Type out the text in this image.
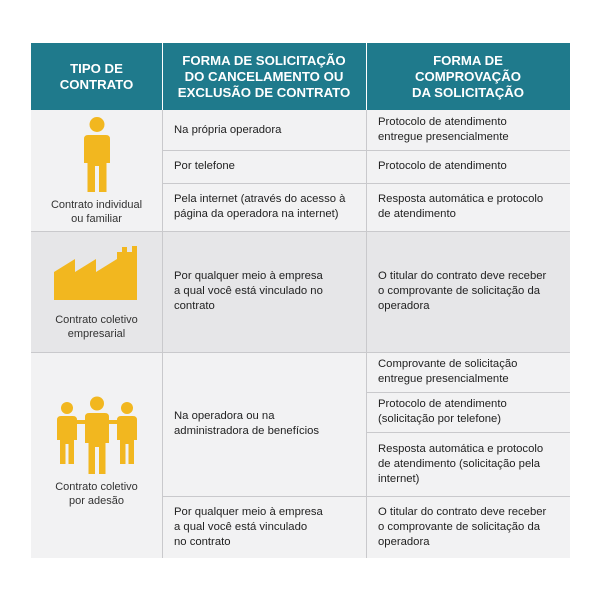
TIPO DE
CONTRATO
FORMA DE SOLICITAÇÃO
DO CANCELAMENTO OU
EXCLUSÃO DE CONTRATO
FORMA DE
COMPROVAÇÃO
DA SOLICITAÇÃO
Contrato individual
ou familiar
Na própria operadora
Protocolo de atendimento
entregue presencialmente
Por telefone	Protocolo de atendimento
Pela internet (através do acesso à
página da operadora na internet)
Resposta automática e protocolo
de atendimento
Contrato coletivo
empresarial
Por qualquer meio à empresa
a qual você está vinculado no
contrato
O titular do contrato deve receber
o comprovante de solicitação da
operadora
Contrato coletivo
por adesão
Na operadora ou na
administradora de benefícios
Comprovante de solicitação
entregue presencialmente
Protocolo de atendimento
(solicitação por telefone)
Resposta automática e protocolo
de atendimento (solicitação pela
internet)
Por qualquer meio à empresa
a qual você está vinculado
no contrato
O titular do contrato deve receber
o comprovante de solicitação da
operadora
